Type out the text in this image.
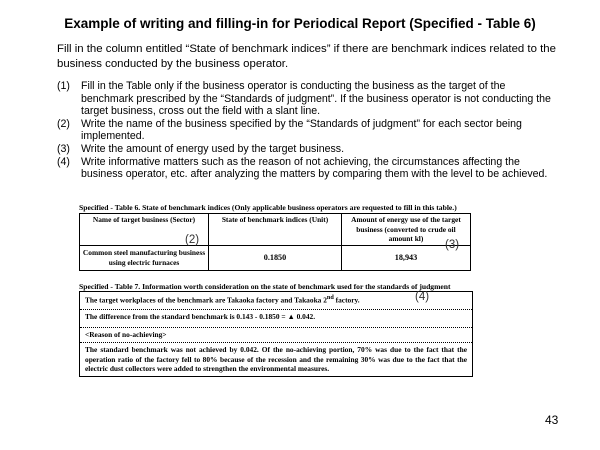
Example of writing and filling-in for Periodical Report (Specified - Table 6)
Fill in the column entitled “State of benchmark indices” if there are benchmark indices related to the business conducted by the business operator.
(1) Fill in the Table only if the business operator is conducting the business as the target of the benchmark prescribed by the “Standards of judgment”. If the business operator is not conducting the target business, cross out the field with a slant line.
(2) Write the name of the business specified by the “Standards of judgment” for each sector being implemented.
(3) Write the amount of energy used by the target business.
(4) Write informative matters such as the reason of not achieving, the circumstances affecting the business operator, etc. after analyzing the matters by comparing them with the level to be achieved.
Specified - Table 6. State of benchmark indices (Only applicable business operators are requested to fill in this table.)
Name of target business (Sector)	State of benchmark indices (Unit)	Amount of energy use of the target business (converted to crude oil amount kl)
Common steel manufacturing business using electric furnaces	0.1850	18,943
Specified - Table 7. Information worth consideration on the state of benchmark used for the standards of judgment
The target workplaces of the benchmark are Takaoka factory and Takaoka 2nd factory.
The difference from the standard benchmark is 0.143 - 0.1850 = ▲ 0.042.
<Reason of no-achieving>
The standard benchmark was not achieved by 0.042. Of the no-achieving portion, 70% was due to the fact that the operation ratio of the factory fell to 80% because of the recession and the remaining 30% was due to the fact that the electric dust collectors were added to strengthen the environmental measures.
(2)	(3)
(4)
43
